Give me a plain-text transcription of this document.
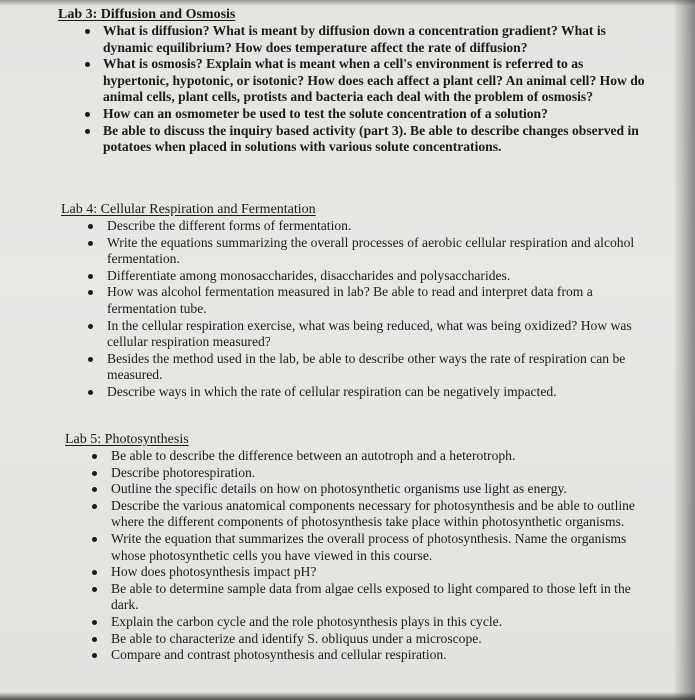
Lab 3: Diffusion and Osmosis
What is diffusion? What is meant by diffusion down a concentration gradient? What is dynamic equilibrium? How does temperature affect the rate of diffusion?
What is osmosis? Explain what is meant when a cell's environment is referred to as hypertonic, hypotonic, or isotonic? How does each affect a plant cell? An animal cell? How do animal cells, plant cells, protists and bacteria each deal with the problem of osmosis?
How can an osmometer be used to test the solute concentration of a solution?
Be able to discuss the inquiry based activity (part 3). Be able to describe changes observed in potatoes when placed in solutions with various solute concentrations.
Lab 4: Cellular Respiration and Fermentation
Describe the different forms of fermentation.
Write the equations summarizing the overall processes of aerobic cellular respiration and alcohol fermentation.
Differentiate among monosaccharides, disaccharides and polysaccharides.
How was alcohol fermentation measured in lab? Be able to read and interpret data from a fermentation tube.
In the cellular respiration exercise, what was being reduced, what was being oxidized? How was cellular respiration measured?
Besides the method used in the lab, be able to describe other ways the rate of respiration can be measured.
Describe ways in which the rate of cellular respiration can be negatively impacted.
Lab 5: Photosynthesis
Be able to describe the difference between an autotroph and a heterotroph.
Describe photorespiration.
Outline the specific details on how on photosynthetic organisms use light as energy.
Describe the various anatomical components necessary for photosynthesis and be able to outline where the different components of photosynthesis take place within photosynthetic organisms.
Write the equation that summarizes the overall process of photosynthesis. Name the organisms whose photosynthetic cells you have viewed in this course.
How does photosynthesis impact pH?
Be able to determine sample data from algae cells exposed to light compared to those left in the dark.
Explain the carbon cycle and the role photosynthesis plays in this cycle.
Be able to characterize and identify S. obliquus under a microscope.
Compare and contrast photosynthesis and cellular respiration.
